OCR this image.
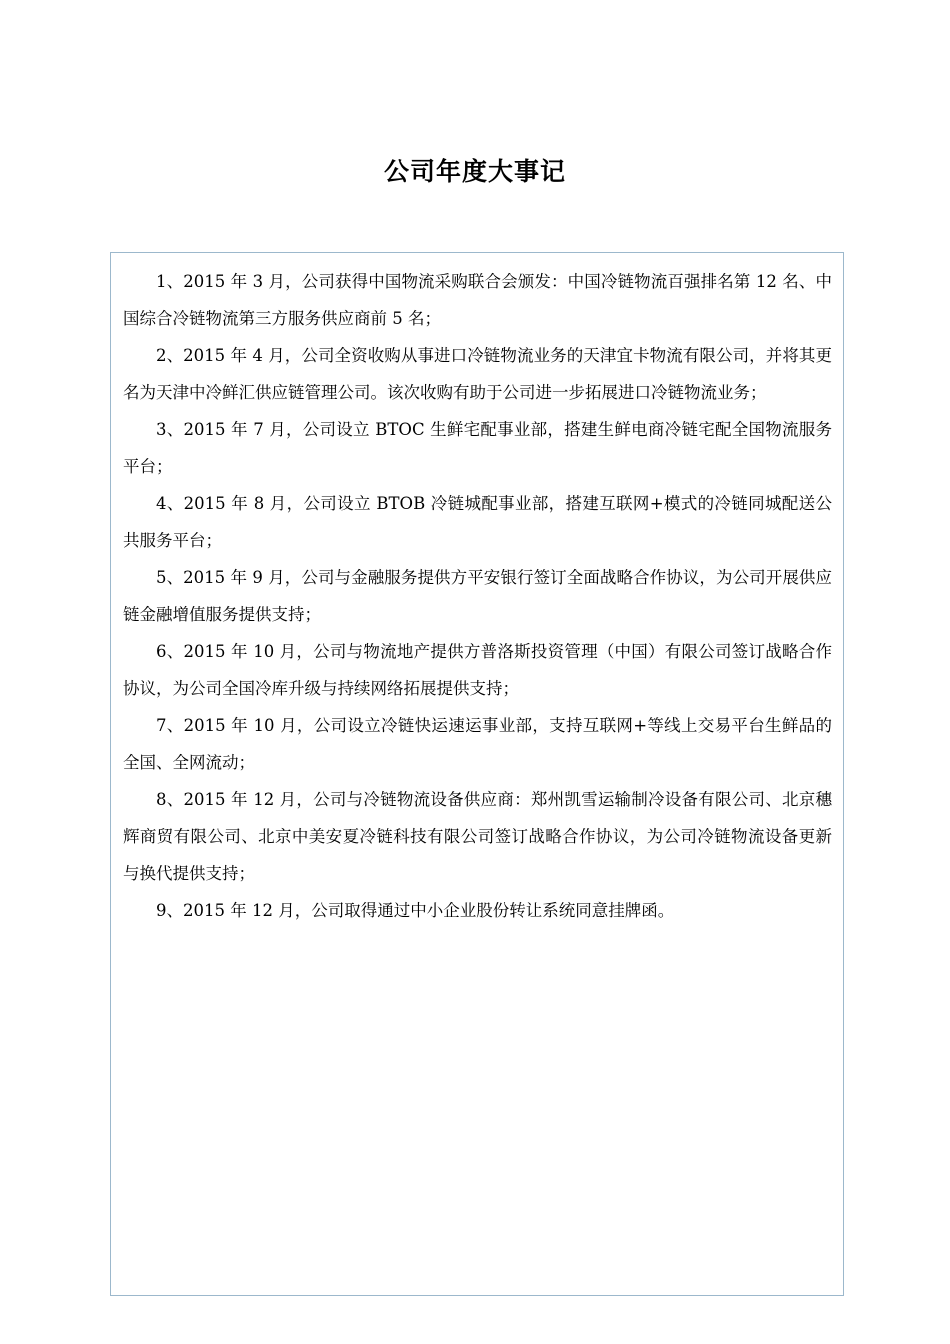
公司年度大事记

1、2015 年 3 月，公司获得中国物流采购联合会颁发：中国冷链物流百强排名第 12 名、中国综合冷链物流第三方服务供应商前 5 名；

2、2015 年 4 月，公司全资收购从事进口冷链物流业务的天津宜卡物流有限公司，并将其更名为天津中冷鲜汇供应链管理公司。该次收购有助于公司进一步拓展进口冷链物流业务；

3、2015 年 7 月，公司设立 BTOC 生鲜宅配事业部，搭建生鲜电商冷链宅配全国物流服务平台；

4、2015 年 8 月，公司设立 BTOB 冷链城配事业部，搭建互联网+模式的冷链同城配送公共服务平台；

5、2015 年 9 月，公司与金融服务提供方平安银行签订全面战略合作协议，为公司开展供应链金融增值服务提供支持；

6、2015 年 10 月，公司与物流地产提供方普洛斯投资管理（中国）有限公司签订战略合作协议，为公司全国冷库升级与持续网络拓展提供支持；

7、2015 年 10 月，公司设立冷链快运速运事业部，支持互联网+等线上交易平台生鲜品的全国、全网流动；

8、2015 年 12 月，公司与冷链物流设备供应商：郑州凯雪运输制冷设备有限公司、北京穗辉商贸有限公司、北京中美安夏冷链科技有限公司签订战略合作协议，为公司冷链物流设备更新与换代提供支持；

9、2015 年 12 月，公司取得通过中小企业股份转让系统同意挂牌函。
